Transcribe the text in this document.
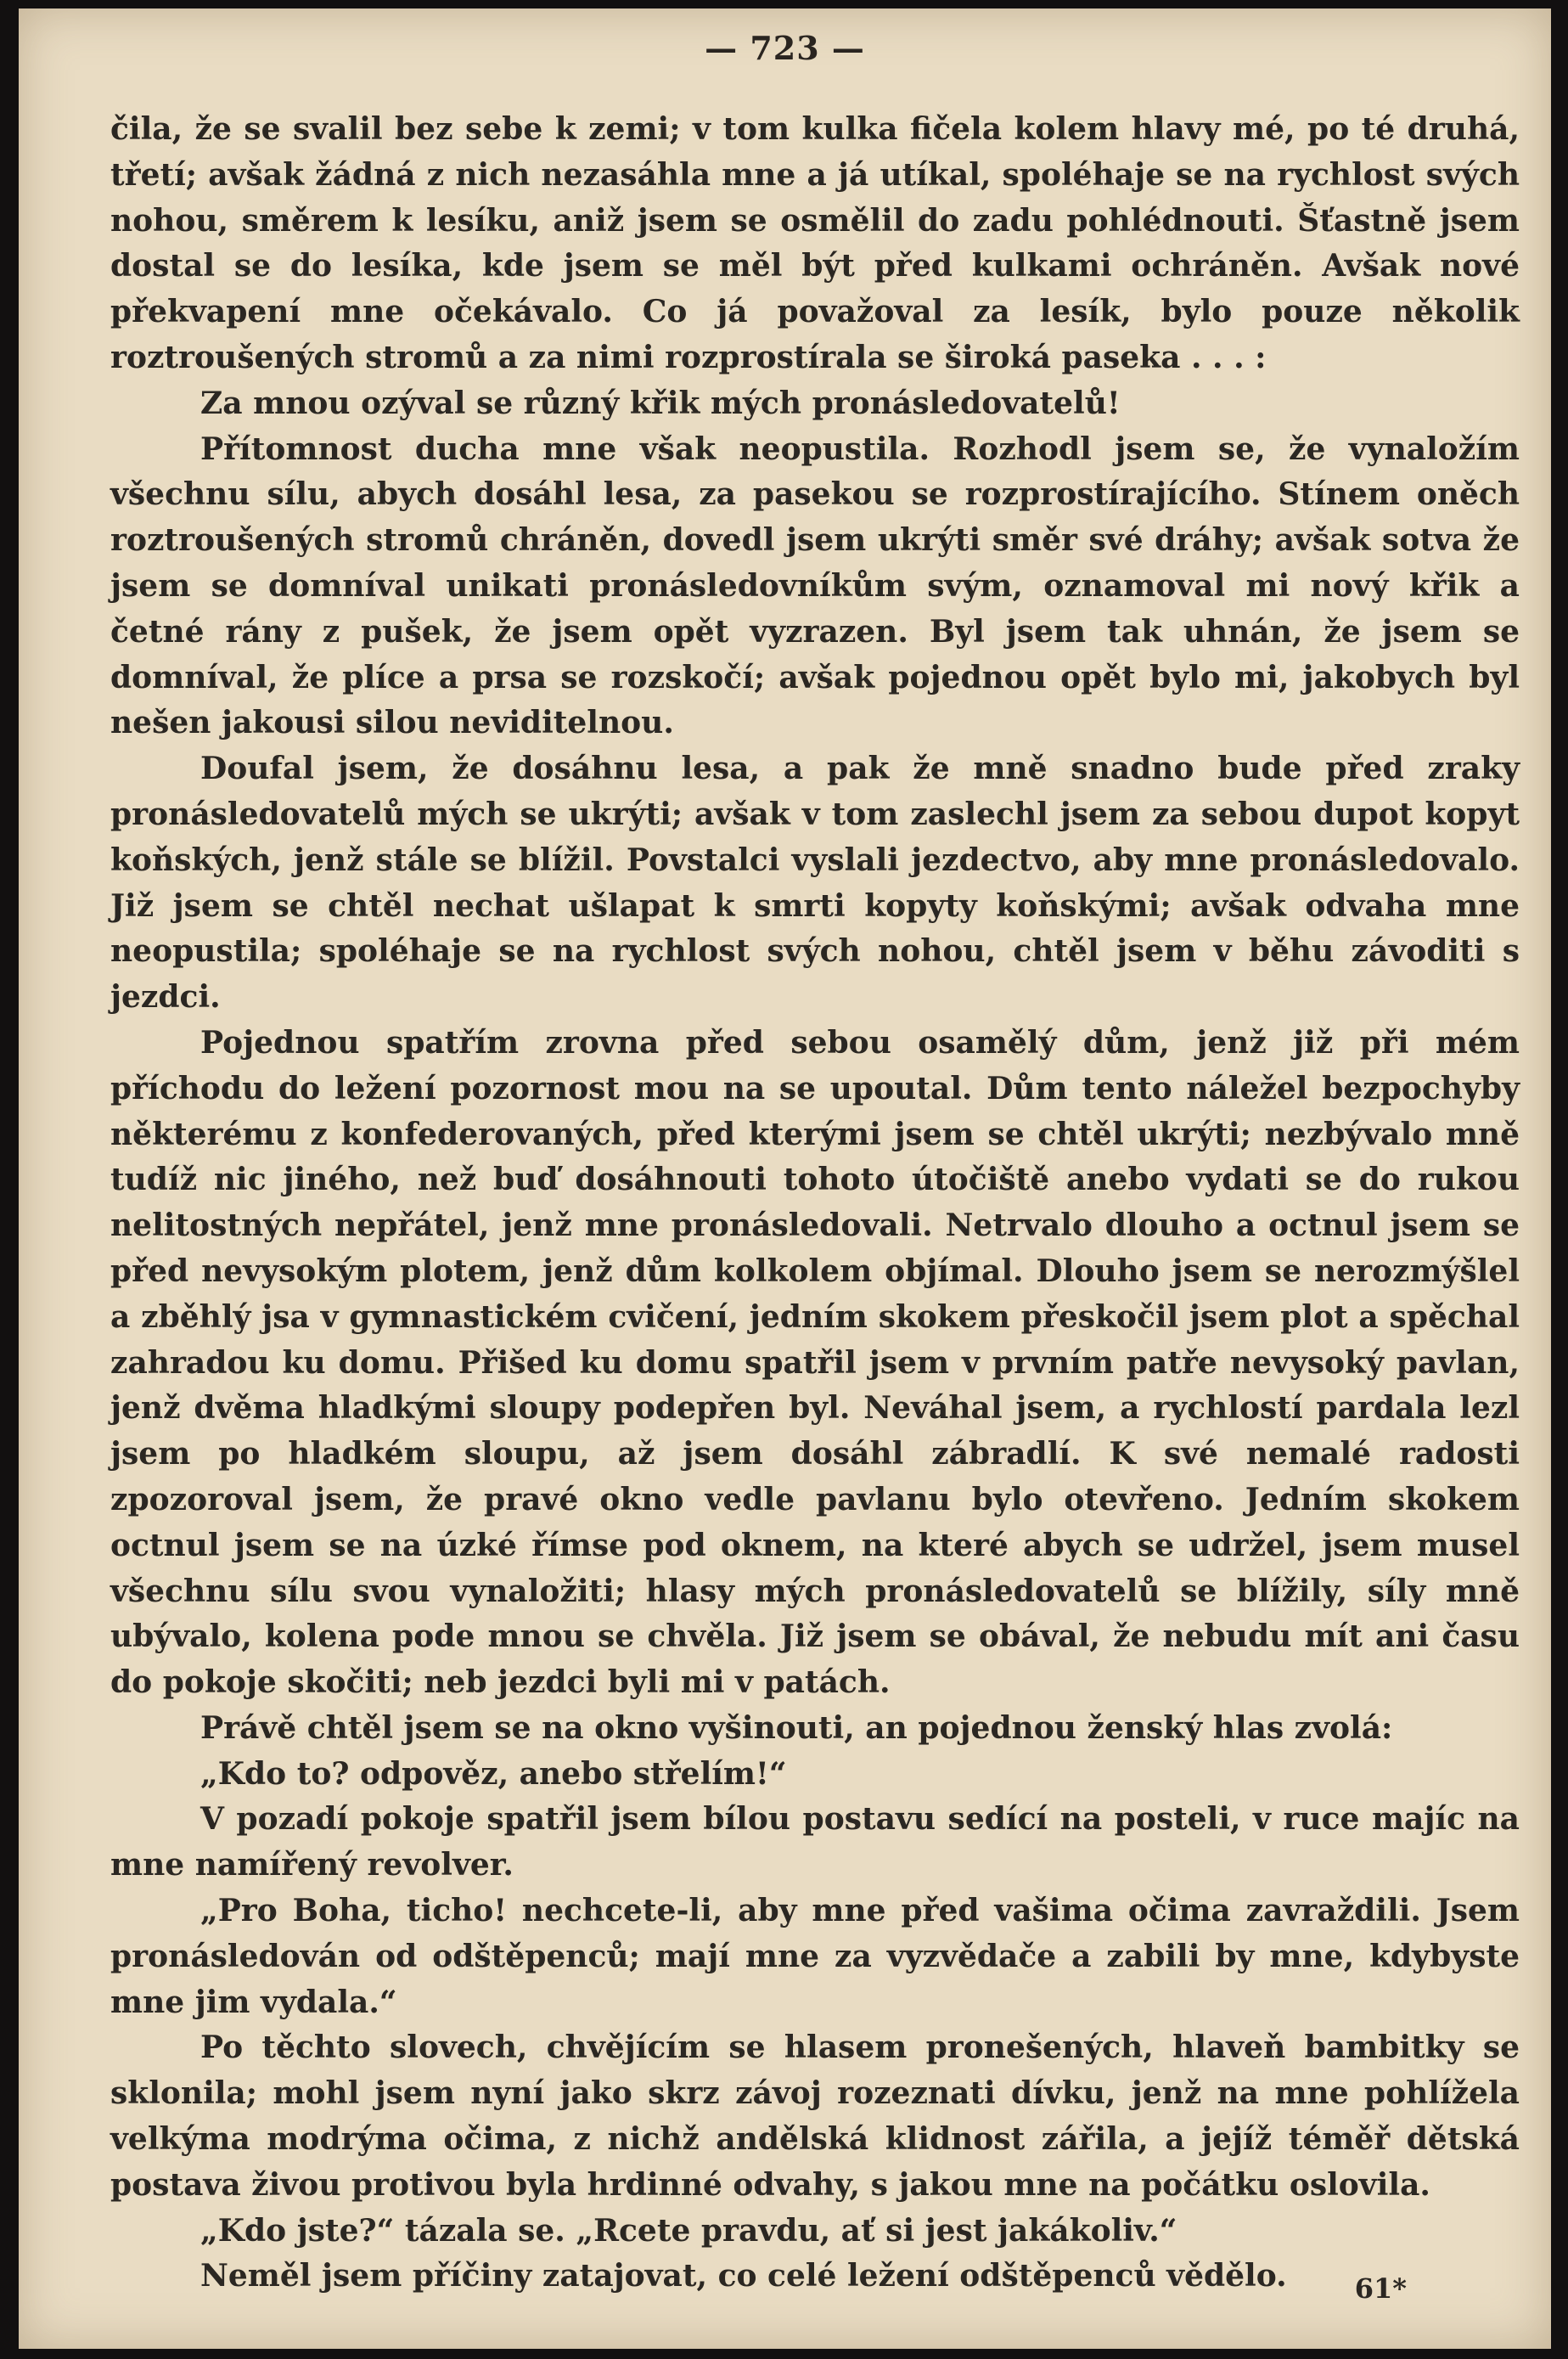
— 723 —

čila, že se svalil bez sebe k zemi; v tom kulka fičela kolem hlavy mé, po té druhá, třetí; avšak žádná z nich nezasáhla mne a já utíkal, spoléhaje se na rychlost svých nohou, směrem k lesíku, aniž jsem se osmělil do zadu pohlédnouti. Šťastně jsem dostal se do lesíka, kde jsem se měl být před kulkami ochráněn. Avšak nové překvapení mne očekávalo. Co já považoval za lesík, bylo pouze několik roztroušených stromů a za nimi rozprostírala se široká paseka . . . :

Za mnou ozýval se různý křik mých pronásledovatelů!

Přítomnost ducha mne však neopustila. Rozhodl jsem se, že vynaložím všechnu sílu, abych dosáhl lesa, za pasekou se rozprostírajícího. Stínem oněch roztroušených stromů chráněn, dovedl jsem ukrýti směr své dráhy; avšak sotva že jsem se domníval unikati pronásledovníkům svým, oznamoval mi nový křik a četné rány z pušek, že jsem opět vyzrazen. Byl jsem tak uhnán, že jsem se domníval, že plíce a prsa se rozskočí; avšak pojednou opět bylo mi, jakobych byl nešen jakousi silou neviditelnou.

Doufal jsem, že dosáhnu lesa, a pak že mně snadno bude před zraky pronásledovatelů mých se ukrýti; avšak v tom zaslechl jsem za sebou dupot kopyt koňských, jenž stále se blížil. Povstalci vyslali jezdectvo, aby mne pronásledovalo. Již jsem se chtěl nechat ušlapat k smrti kopyty koňskými; avšak odvaha mne neopustila; spoléhaje se na rychlost svých nohou, chtěl jsem v běhu závoditi s jezdci.

Pojednou spatřím zrovna před sebou osamělý dům, jenž již při mém příchodu do ležení pozornost mou na se upoutal. Dům tento náležel bezpochyby některému z konfederovaných, před kterými jsem se chtěl ukrýti; nezbývalo mně tudíž nic jiného, než buď dosáhnouti tohoto útočiště anebo vydati se do rukou nelitostných nepřátel, jenž mne pronásledovali. Netrvalo dlouho a octnul jsem se před nevysokým plotem, jenž dům kolkolem objímal. Dlouho jsem se nerozmýšlel a zběhlý jsa v gymnastickém cvičení, jedním skokem přeskočil jsem plot a spěchal zahradou ku domu. Přišed ku domu spatřil jsem v prvním patře nevysoký pavlan, jenž dvěma hladkými sloupy podepřen byl. Neváhal jsem, a rychlostí pardala lezl jsem po hladkém sloupu, až jsem dosáhl zábradlí. K své nemalé radosti zpozoroval jsem, že pravé okno vedle pavlanu bylo otevřeno. Jedním skokem octnul jsem se na úzké římse pod oknem, na které abych se udržel, jsem musel všechnu sílu svou vynaložiti; hlasy mých pronásledovatelů se blížily, síly mně ubývalo, kolena pode mnou se chvěla. Již jsem se obával, že nebudu mít ani času do pokoje skočiti; neb jezdci byli mi v patách.

Právě chtěl jsem se na okno vyšinouti, an pojednou ženský hlas zvolá:

„Kdo to? odpověz, anebo střelím!“

V pozadí pokoje spatřil jsem bílou postavu sedící na posteli, v ruce majíc na mne namířený revolver.

„Pro Boha, ticho! nechcete-li, aby mne před vašima očima zavraždili. Jsem pronásledován od odštěpenců; mají mne za vyzvědače a zabili by mne, kdybyste mne jim vydala.“

Po těchto slovech, chvějícím se hlasem pronešených, hlaveň bambitky se sklonila; mohl jsem nyní jako skrz závoj rozeznati dívku, jenž na mne pohlížela velkýma modrýma očima, z nichž andělská klidnost zářila, a jejíž téměř dětská postava živou protivou byla hrdinné odvahy, s jakou mne na počátku oslovila.

„Kdo jste?“ tázala se. „Rcete pravdu, ať si jest jakákoliv.“

Neměl jsem příčiny zatajovat, co celé ležení odštěpenců vědělo.	61*
